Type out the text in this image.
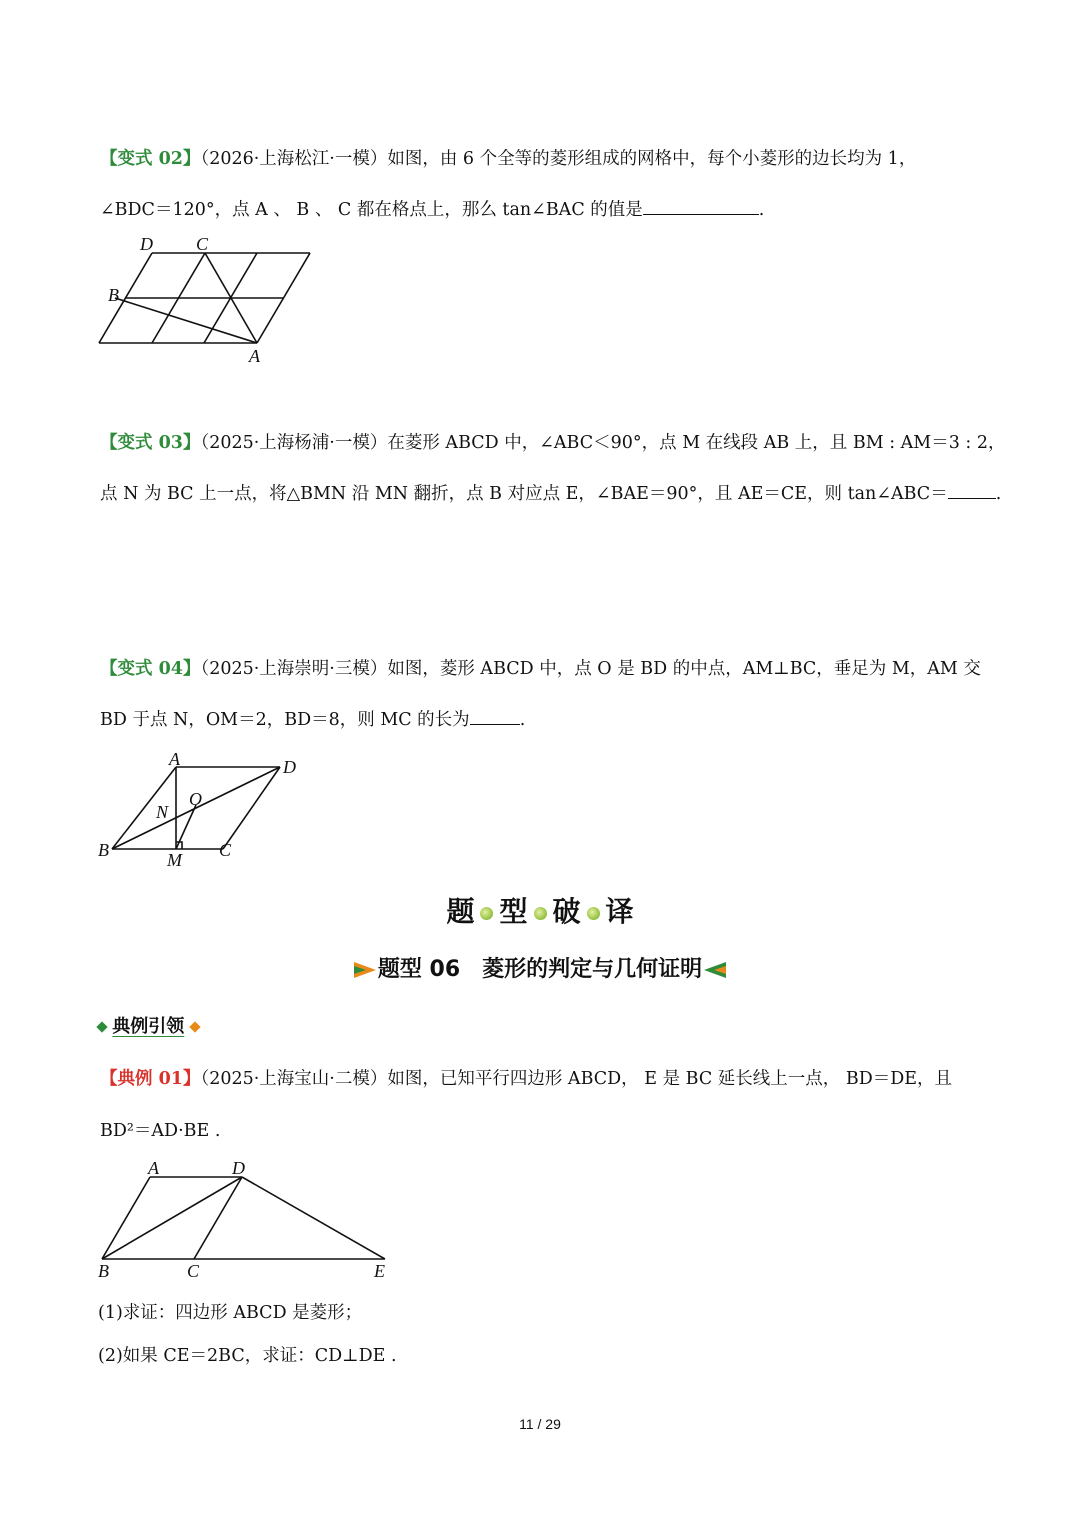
【变式 02】（2026·上海松江·一模）如图，由 6 个全等的菱形组成的网格中，每个小菱形的边长均为 1，
∠BDC＝120°，点 A 、 B 、 C 都在格点上，那么 tan∠BAC 的值是	.
D C
B
A
【变式 03】（2025·上海杨浦·一模）在菱形 ABCD 中，∠ABC＜90°，点 M 在线段 AB 上，且 BM : AM＝3 : 2，
点 N 为 BC 上一点，将△BMN 沿 MN 翻折，点 B 对应点 E，∠BAE＝90°，且 AE＝CE，则 tan∠ABC＝	.
【变式 04】（2025·上海崇明·三模）如图，菱形 ABCD 中，点 O 是 BD 的中点，AM⊥BC，垂足为 M，AM 交
BD 于点 N，OM＝2，BD＝8，则 MC 的长为	.
A	D
N
O
B	M C
题 型 破 译
题型 06　菱形的判定与几何证明
典例引领
【典例 01】（2025·上海宝山·二模）如图，已知平行四边形 ABCD， E 是 BC 延长线上一点， BD＝DE，且
BD²＝AD·BE .
A	D
B	C	E
(1)求证：四边形 ABCD 是菱形；
(2)如果 CE＝2BC，求证：CD⊥DE .
11 / 29
